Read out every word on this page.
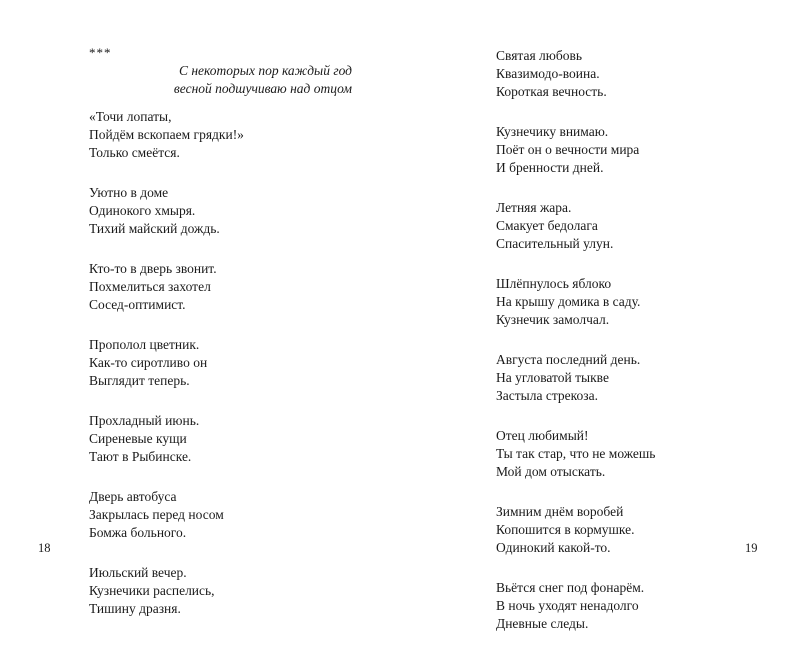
***
С некоторых пор каждый год
весной подшучиваю над отцом
«Точи лопаты,
Пойдём вскопаем грядки!»
Только смеётся.
Уютно в доме
Одинокого хмыря.
Тихий майский дождь.
Кто-то в дверь звонит.
Похмелиться захотел
Сосед-оптимист.
Прополол цветник.
Как-то сиротливо он
Выглядит теперь.
Прохладный июнь.
Сиреневые кущи
Тают в Рыбинске.
Дверь автобуса
Закрылась перед носом
Бомжа больного.
Июльский вечер.
Кузнечики распелись,
Тишину дразня.
18
Святая любовь
Квазимодо-воина.
Короткая вечность.
Кузнечику внимаю.
Поёт он о вечности мира
И бренности дней.
Летняя жара.
Смакует бедолага
Спасительный улун.
Шлёпнулось яблоко
На крышу домика в саду.
Кузнечик замолчал.
Августа последний день.
На угловатой тыкве
Застыла стрекоза.
Отец любимый!
Ты так стар, что не можешь
Мой дом отыскать.
Зимним днём воробей
Копошится в кормушке.
Одинокий какой-то.
Вьётся снег под фонарём.
В ночь уходят ненадолго
Дневные следы.
19
